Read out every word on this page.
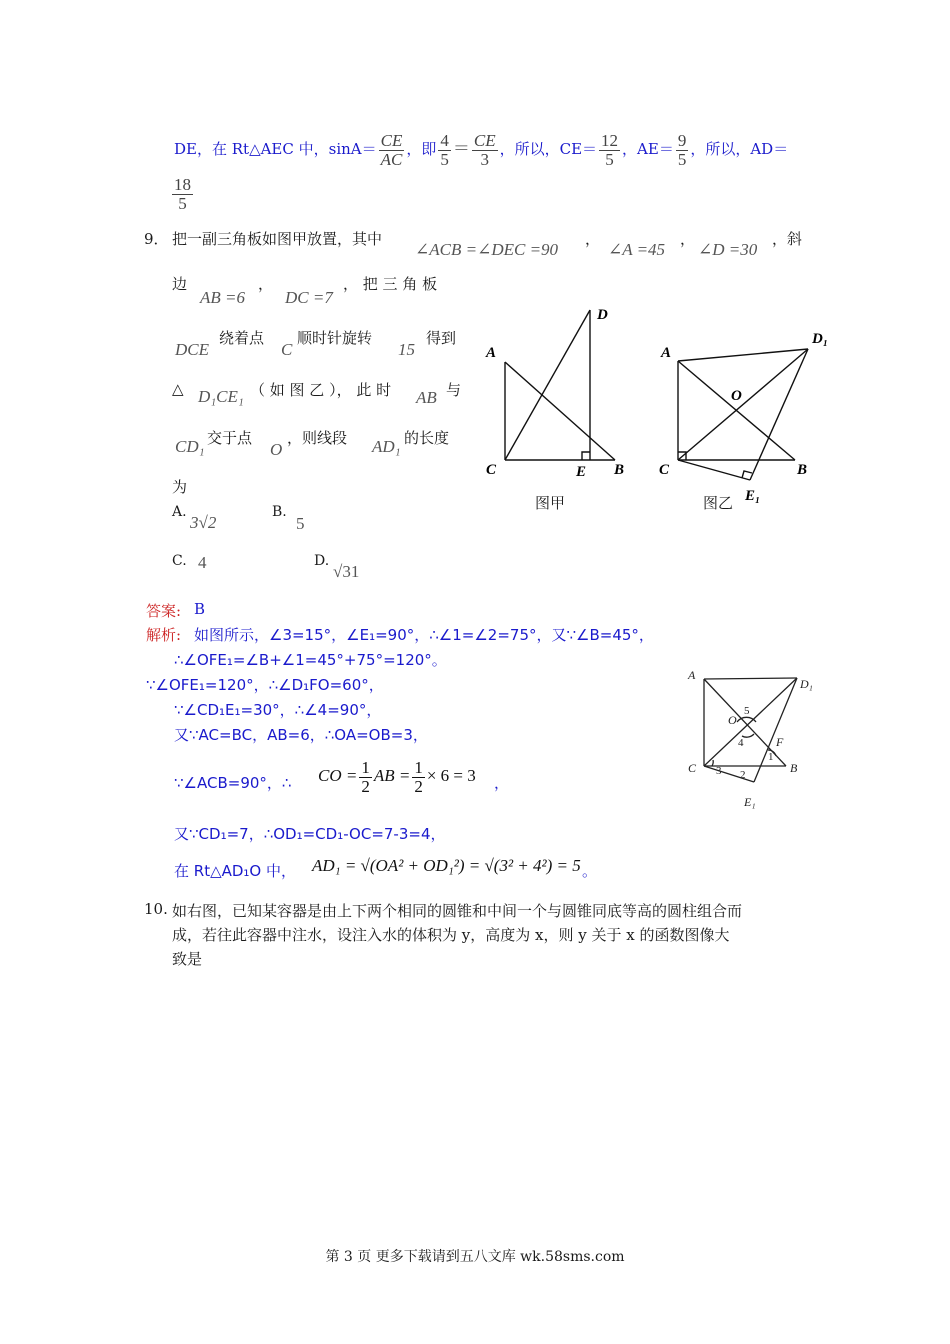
DE，在 Rt△AEC 中，$\sin A= \frac{CE}{AC}$ ，即 $\frac{4}{5} = \frac{CE}{3}$ ，所以，$CE= \frac{12}{5}$ ，$AE= \frac{9}{5}$ ，所以，AD＝
$\frac{18}{5}$
9． 把一副三角板如图甲放置，其中
∠ACB =∠DEC =90
，
∠A =45
，
∠D =30
，斜
边
AB =6
，
DC =7
， 把 三 角 板
DCE
绕着点
C
顺时针旋转
15
得到
△ D₁CE₁ （ 如 图 乙 ）， 此 时 AB 与
CD₁ 交于点
O
，则线段 AD₁ 的长度
为
A.
3√2
B.
5
C. 4	D.
√31
A
C	E B
D
图甲
A
C	B
D₁
O
E₁
图乙
答案: B
解析: 如图所示，∠3=15°，∠E₁=90°，∴∠1=∠2=75°，又∵∠B=45°，
∴∠OFE₁=∠B+∠1=45°+75°=120°。
∵∠OFE₁=120°，∴∠D₁FO=60°，
∵∠CD₁E₁=30°，∴∠4=90°，
又∵AC=BC，AB=6，∴OA=OB=3，
∵∠ACB=90°，∴ CO = $\frac{1}{2}$ AB = $\frac{1}{2} \times 6 = 3$ ，
又∵CD₁=7，∴OD₁=CD₁-OC=7-3=4，
在 Rt△AD₁O 中， AD₁ = √(OA² + OD₁²) = √(3² + 4²) = 5 。
A
D₁
O
5
4	F
1
C 3 2	B
E₁
10. 如右图，已知某容器是由上下两个相同的圆锥和中间一个与圆锥同底等高的圆柱组合而
成，若往此容器中注水，设注入水的体积为 y，高度为 x，则 y 关于 x 的函数图像大
致是
第 3 页 更多下载请到五八文库 wk.58sms.com
